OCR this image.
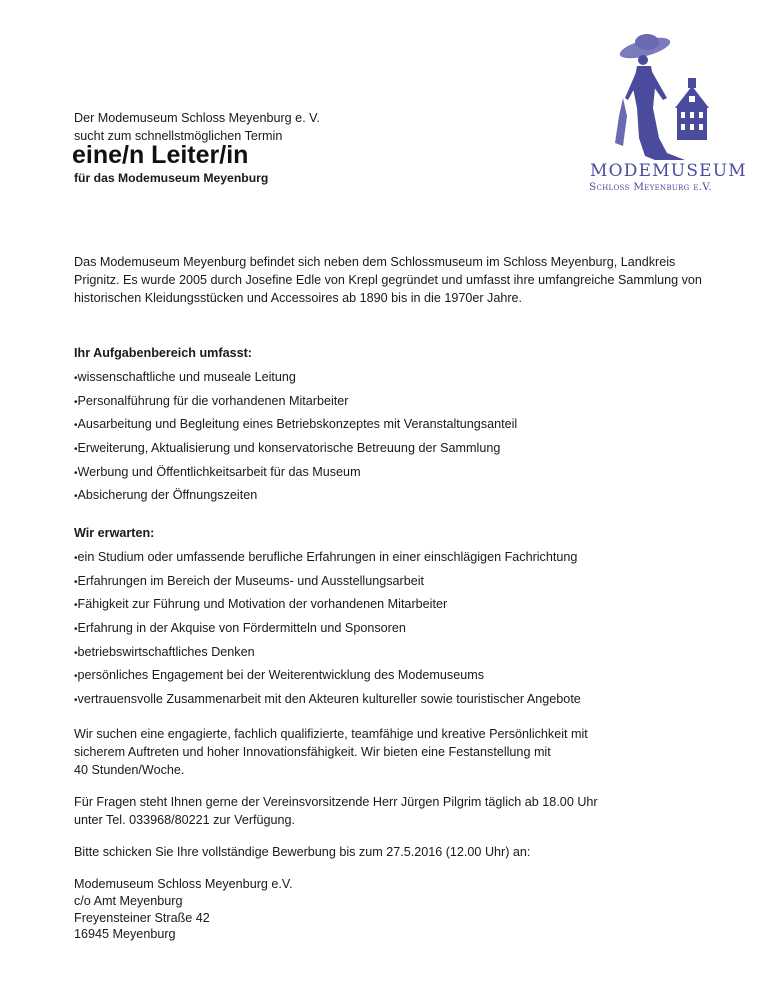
Der Modemuseum Schloss Meyenburg e. V.
sucht zum schnellstmöglichen Termin
eine/n Leiter/in
für das Modemuseum Meyenburg	MODEMUSEUM
Schloss Meyenburg e.V.
Das Modemuseum Meyenburg befindet sich neben dem Schlossmuseum im Schloss Meyenburg, Landkreis Prignitz. Es wurde 2005 durch Josefine Edle von Krepl gegründet und umfasst ihre umfangreiche Sammlung von historischen Kleidungsstücken und Accessoires ab 1890 bis in die 1970er Jahre.
Ihr Aufgabenbereich umfasst:
• wissenschaftliche und museale Leitung
• Personalführung für die vorhandenen Mitarbeiter
• Ausarbeitung und Begleitung eines Betriebskonzeptes mit Veranstaltungsanteil
• Erweiterung, Aktualisierung und konservatorische Betreuung der Sammlung
• Werbung und Öffentlichkeitsarbeit für das Museum
• Absicherung der Öffnungszeiten
Wir erwarten:
• ein Studium oder umfassende berufliche Erfahrungen in einer einschlägigen Fachrichtung
• Erfahrungen im Bereich der Museums- und Ausstellungsarbeit
• Fähigkeit zur Führung und Motivation der vorhandenen Mitarbeiter
• Erfahrung in der Akquise von Fördermitteln und Sponsoren
• betriebswirtschaftliches Denken
• persönliches Engagement bei der Weiterentwicklung des Modemuseums
• vertrauensvolle Zusammenarbeit mit den Akteuren kultureller sowie touristischer Angebote
Wir suchen eine engagierte, fachlich qualifizierte, teamfähige und kreative Persönlichkeit mit
sicherem Auftreten und hoher Innovationsfähigkeit. Wir bieten eine Festanstellung mit
40 Stunden/Woche.
Für Fragen steht Ihnen gerne der Vereinsvorsitzende Herr Jürgen Pilgrim täglich ab 18.00 Uhr
unter Tel. 033968/80221 zur Verfügung.
Bitte schicken Sie Ihre vollständige Bewerbung bis zum 27.5.2016 (12.00 Uhr) an:
Modemuseum Schloss Meyenburg e.V.
c/o Amt Meyenburg
Freyensteiner Straße 42
16945 Meyenburg
